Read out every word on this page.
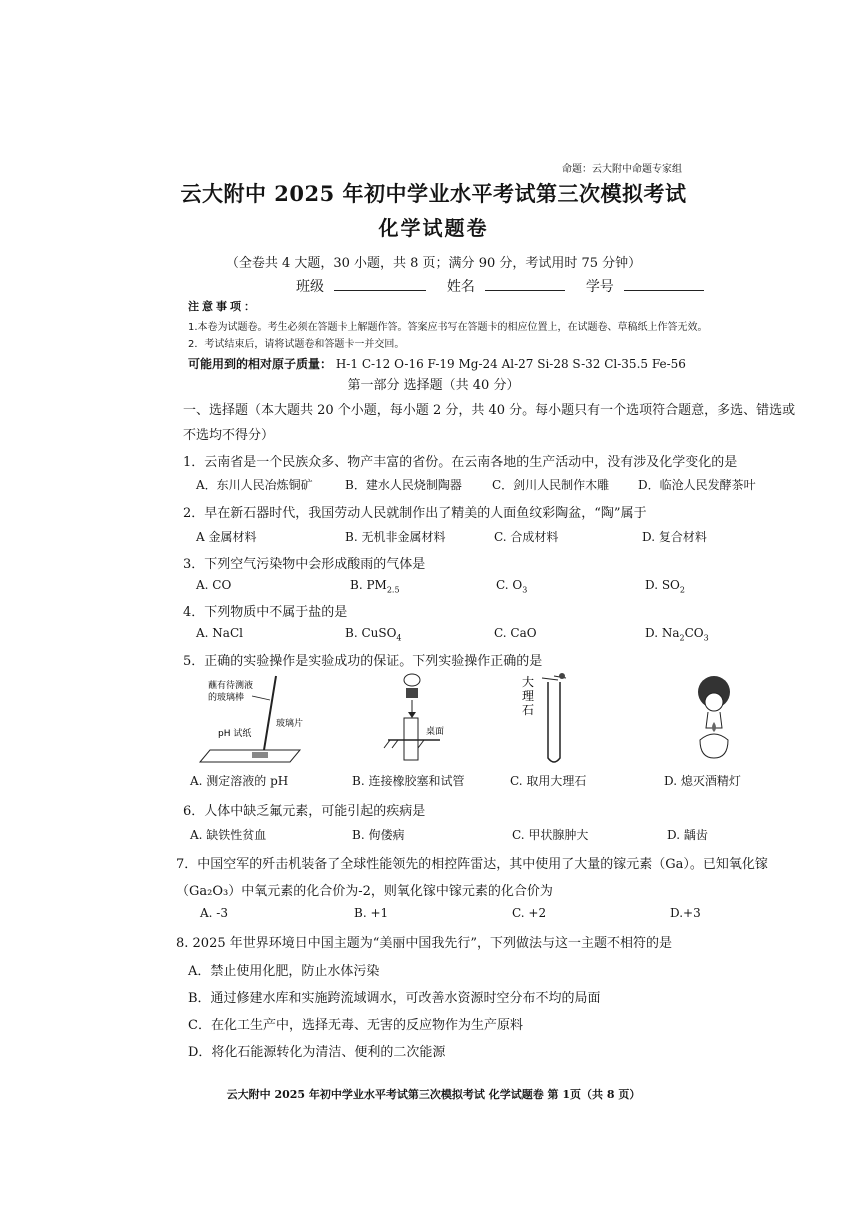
命题：云大附中命题专家组
云大附中 2025 年初中学业水平考试第三次模拟考试
化学试题卷
（全卷共 4 大题，30 小题，共 8 页；满分 90 分，考试用时 75 分钟）
班级	姓名	学号
注意事项：
1.本卷为试题卷。考生必须在答题卡上解题作答。答案应书写在答题卡的相应位置上，在试题卷、草稿纸上作答无效。
2．考试结束后，请将试题卷和答题卡一并交回。
可能用到的相对原子质量： H-1 C-12 O-16 F-19 Mg-24 Al-27 Si-28 S-32 Cl-35.5 Fe-56
第一部分 选择题（共 40 分）
一、选择题（本大题共 20 个小题，每小题 2 分，共 40 分。每小题只有一个选项符合题意，多选、错选或
不选均不得分）
1．云南省是一个民族众多、物产丰富的省份。在云南各地的生产活动中，没有涉及化学变化的是
A．东川人民冶炼铜矿	B．建水人民烧制陶器	C．剑川人民制作木雕 D．临沧人民发酵茶叶
2．早在新石器时代，我国劳动人民就制作出了精美的人面鱼纹彩陶盆，“陶”属于
A 金属材料	B. 无机非金属材料	C. 合成材料	D. 复合材料
3．下列空气污染物中会形成酸雨的气体是
A. CO	B. $PM_{2.5}$	C. $O_3$	D. $SO_2$
4．下列物质中不属于盐的是
A. NaCl	B. CuSO$_4$	C. CaO	D. $Na_2CO_3$
5．正确的实验操作是实验成功的保证。下列实验操作正确的是
蘸有待测液
的玻璃棒
pH 试纸
玻璃片
桌面
大
理
石
A. 测定溶液的 pH	B. 连接橡胶塞和试管	C. 取用大理石	D. 熄灭酒精灯
6．人体中缺乏氟元素，可能引起的疾病是
A. 缺铁性贫血	B. 佝偻病	C. 甲状腺肿大	D. 龋齿
7．中国空军的歼击机装备了全球性能领先的相控阵雷达，其中使用了大量的镓元素（Ga）。已知氧化镓
（Ga₂O₃）中氧元素的化合价为-2，则氧化镓中镓元素的化合价为
A. -3	B. +1	C. +2	D.+3
8. 2025 年世界环境日中国主题为“美丽中国我先行”，下列做法与这一主题不相符的是
A．禁止使用化肥，防止水体污染
B．通过修建水库和实施跨流域调水，可改善水资源时空分布不均的局面
C．在化工生产中，选择无毒、无害的反应物作为生产原料
D．将化石能源转化为清洁、便利的二次能源
云大附中 2025 年初中学业水平考试第三次模拟考试 化学试题卷 第 1页（共 8 页）
